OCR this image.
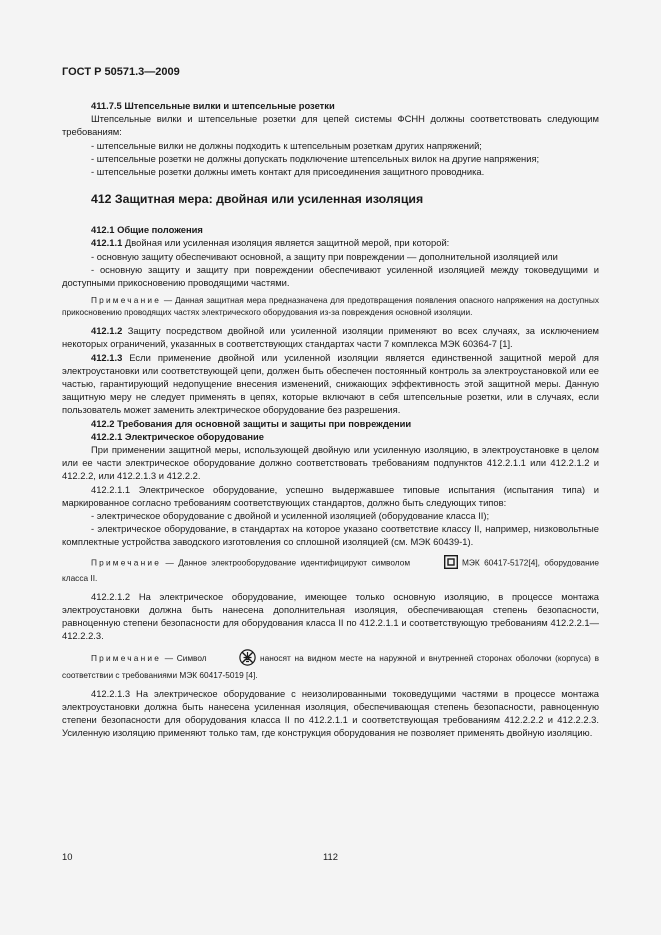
ГОСТ Р 50571.3—2009

411.7.5 Штепсельные вилки и штепсельные розетки

Штепсельные вилки и штепсельные розетки для цепей системы ФСНН должны соответствовать следующим требованиям:

- штепсельные вилки не должны подходить к штепсельным розеткам других напряжений;

- штепсельные розетки не должны допускать подключение штепсельных вилок на другие напряжения;

- штепсельные розетки должны иметь контакт для присоединения защитного проводника.

412 Защитная мера: двойная или усиленная изоляция

412.1 Общие положения

412.1.1 Двойная или усиленная изоляция является защитной мерой, при которой:

- основную защиту обеспечивают основной, а защиту при повреждении — дополнительной изоляцией или

- основную защиту и защиту при повреждении обеспечивают усиленной изоляцией между токоведущими и доступными прикосновению проводящими частями.

Примечание — Данная защитная мера предназначена для предотвращения появления опасного напряжения на доступных прикосновению проводящих частях электрического оборудования из-за повреждения основной изоляции.

412.1.2 Защиту посредством двойной или усиленной изоляции применяют во всех случаях, за исключением некоторых ограничений, указанных в соответствующих стандартах части 7 комплекса МЭК 60364-7 [1].

412.1.3 Если применение двойной или усиленной изоляции является единственной защитной мерой для электроустановки или соответствующей цепи, должен быть обеспечен постоянный контроль за электроустановкой или ее частью, гарантирующий недопущение внесения изменений, снижающих эффективность этой защитной меры. Данную защитную меру не следует применять в цепях, которые включают в себя штепсельные розетки, или в случаях, если пользователь может заменить электрическое оборудование без разрешения.

412.2 Требования для основной защиты и защиты при повреждении

412.2.1 Электрическое оборудование

При применении защитной меры, использующей двойную или усиленную изоляцию, в электроустановке в целом или ее части электрическое оборудование должно соответствовать требованиям подпунктов 412.2.1.1 или 412.2.1.2 и 412.2.2, или 412.2.1.3 и 412.2.2.

412.2.1.1 Электрическое оборудование, успешно выдержавшее типовые испытания (испытания типа) и маркированное согласно требованиям соответствующих стандартов, должно быть следующих типов:

- электрическое оборудование с двойной и усиленной изоляцией (оборудование класса II);

- электрическое оборудование, в стандартах на которое указано соответствие классу II, например, низковольтные комплектные устройства заводского изготовления со сплошной изоляцией (см. МЭК 60439-1).

Примечание — Данное электрооборудование идентифицируют символом	МЭК 60417-5172[4], оборудование класса II.

412.2.1.2 На электрическое оборудование, имеющее только основную изоляцию, в процессе монтажа электроустановки должна быть нанесена дополнительная изоляция, обеспечивающая степень безопасности, равноценную степени безопасности для оборудования класса II по 412.2.1.1 и соответствующую требованиям 412.2.2.1— 412.2.2.3.

Примечание — Символ	наносят на видном месте на наружной и внутренней сторонах оболочки (корпуса) в соответствии с требованиями МЭК 60417-5019 [4].

412.2.1.3 На электрическое оборудование с неизолированными токоведущими частями в процессе монтажа электроустановки должна быть нанесена усиленная изоляция, обеспечивающая степень безопасности, равноценную степени безопасности для оборудования класса II по 412.2.1.1 и соответствующая требованиям 412.2.2.2 и 412.2.2.3. Усиленную изоляцию применяют только там, где конструкция оборудования не позволяет применять двойную изоляцию.

10	112
